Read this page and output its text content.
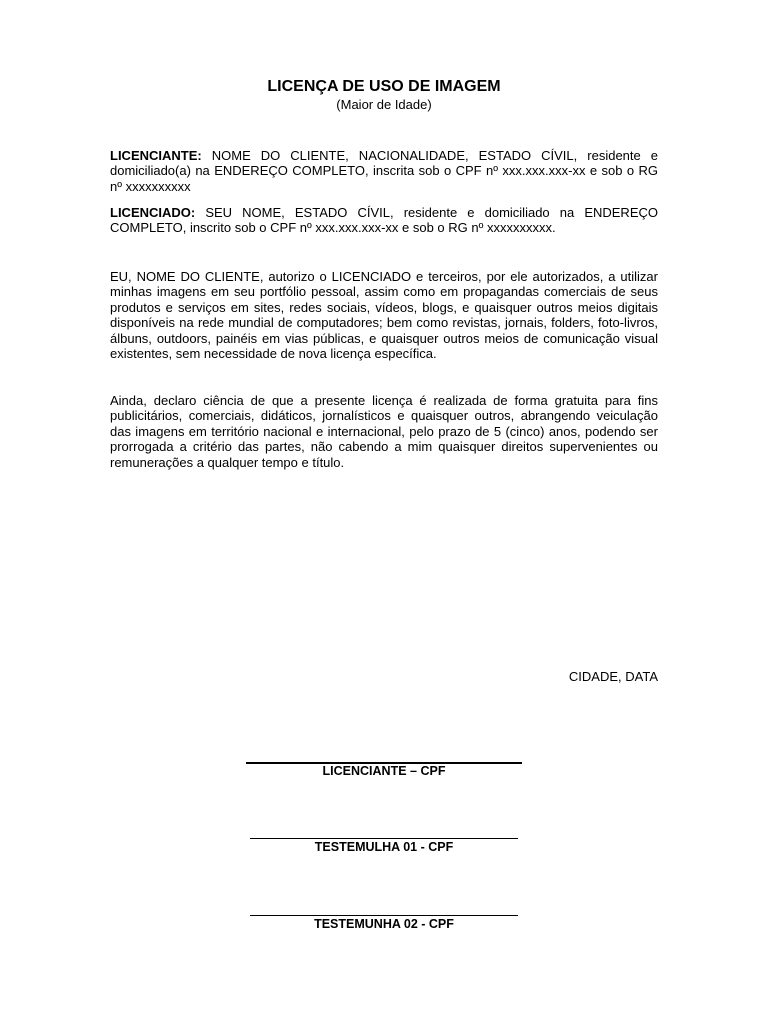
LICENÇA DE USO DE IMAGEM
(Maior de Idade)

LICENCIANTE: NOME DO CLIENTE, NACIONALIDADE, ESTADO CÍVIL, residente e domiciliado(a) na ENDEREÇO COMPLETO, inscrita sob o CPF nº xxx.xxx.xxx-xx e sob o RG nº xxxxxxxxxx

LICENCIADO: SEU NOME, ESTADO CÍVIL, residente e domiciliado na ENDEREÇO COMPLETO, inscrito sob o CPF nº xxx.xxx.xxx-xx e sob o RG nº xxxxxxxxxx.

EU, NOME DO CLIENTE, autorizo o LICENCIADO e terceiros, por ele autorizados, a utilizar minhas imagens em seu portfólio pessoal, assim como em propagandas comerciais de seus produtos e serviços em sites, redes sociais, vídeos, blogs, e quaisquer outros meios digitais disponíveis na rede mundial de computadores; bem como revistas, jornais, folders, foto-livros, álbuns, outdoors, painéis em vias públicas, e quaisquer outros meios de comunicação visual existentes, sem necessidade de nova licença específica.

Ainda, declaro ciência de que a presente licença é realizada de forma gratuita para fins publicitários, comerciais, didáticos, jornalísticos e quaisquer outros, abrangendo veiculação das imagens em território nacional e internacional, pelo prazo de 5 (cinco) anos, podendo ser prorrogada a critério das partes, não cabendo a mim quaisquer direitos supervenientes ou remunerações a qualquer tempo e título.

CIDADE, DATA
LICENCIANTE – CPF
TESTEMULHA 01 - CPF
TESTEMUNHA 02 - CPF
